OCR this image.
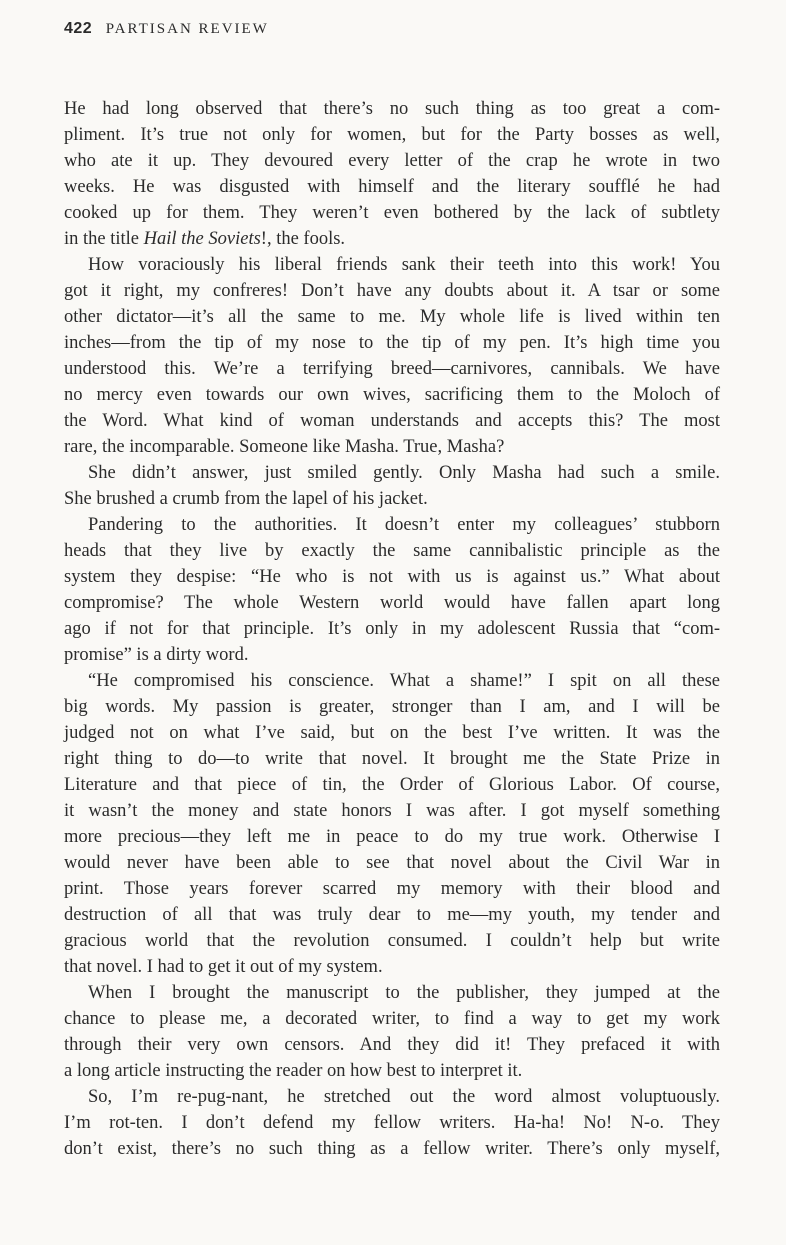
422 PARTISAN REVIEW
He had long observed that there’s no such thing as too great a com-
pliment. It’s true not only for women, but for the Party bosses as well,
who ate it up. They devoured every letter of the crap he wrote in two
weeks. He was disgusted with himself and the literary soufflé he had
cooked up for them. They weren’t even bothered by the lack of subtlety
in the title Hail the Soviets!, the fools.
How voraciously his liberal friends sank their teeth into this work! You
got it right, my confreres! Don’t have any doubts about it. A tsar or some
other dictator—it’s all the same to me. My whole life is lived within ten
inches—from the tip of my nose to the tip of my pen. It’s high time you
understood this. We’re a terrifying breed—carnivores, cannibals. We have
no mercy even towards our own wives, sacrificing them to the Moloch of
the Word. What kind of woman understands and accepts this? The most
rare, the incomparable. Someone like Masha. True, Masha?
She didn’t answer, just smiled gently. Only Masha had such a smile.
She brushed a crumb from the lapel of his jacket.
Pandering to the authorities. It doesn’t enter my colleagues’ stubborn
heads that they live by exactly the same cannibalistic principle as the
system they despise: “He who is not with us is against us.” What about
compromise? The whole Western world would have fallen apart long
ago if not for that principle. It’s only in my adolescent Russia that “com-
promise” is a dirty word.
“He compromised his conscience. What a shame!” I spit on all these
big words. My passion is greater, stronger than I am, and I will be
judged not on what I’ve said, but on the best I’ve written. It was the
right thing to do—to write that novel. It brought me the State Prize in
Literature and that piece of tin, the Order of Glorious Labor. Of course,
it wasn’t the money and state honors I was after. I got myself something
more precious—they left me in peace to do my true work. Otherwise I
would never have been able to see that novel about the Civil War in
print. Those years forever scarred my memory with their blood and
destruction of all that was truly dear to me—my youth, my tender and
gracious world that the revolution consumed. I couldn’t help but write
that novel. I had to get it out of my system.
When I brought the manuscript to the publisher, they jumped at the
chance to please me, a decorated writer, to find a way to get my work
through their very own censors. And they did it! They prefaced it with
a long article instructing the reader on how best to interpret it.
So, I’m re-pug-nant, he stretched out the word almost voluptuously.
I’m rot-ten. I don’t defend my fellow writers. Ha-ha! No! N-o. They
don’t exist, there’s no such thing as a fellow writer. There’s only myself,
